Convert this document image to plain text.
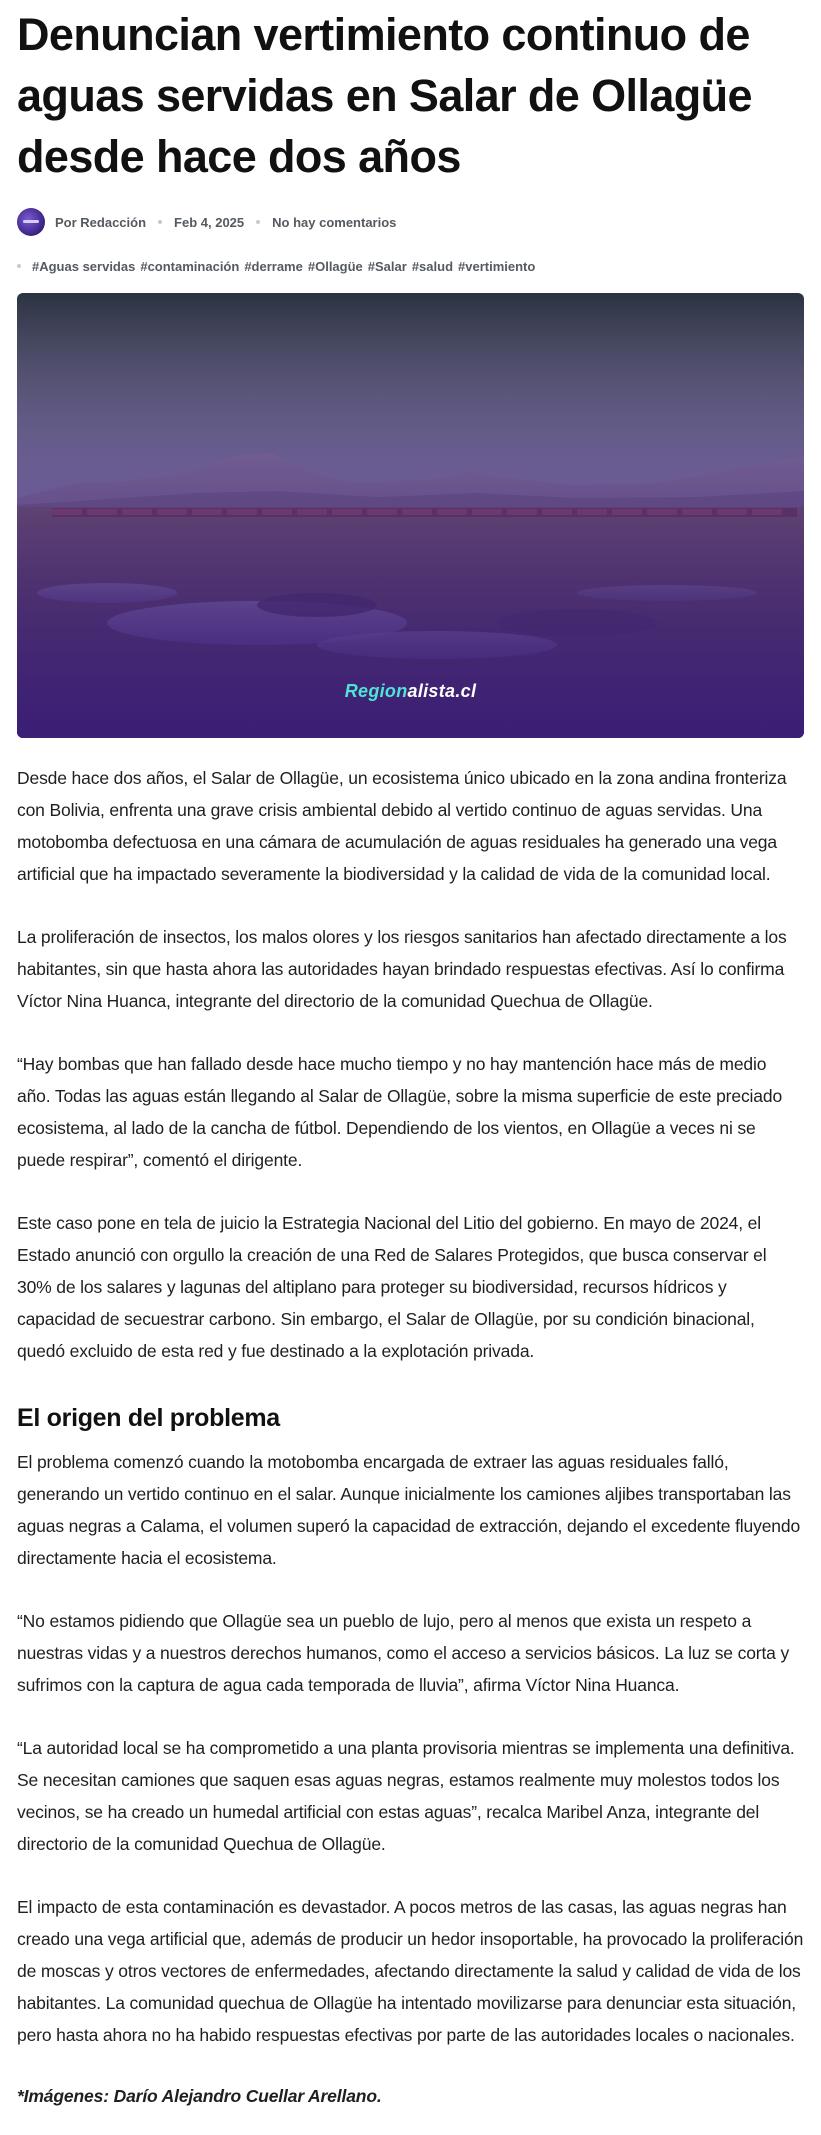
Denuncian vertimiento continuo de aguas servidas en Salar de Ollagüe desde hace dos años
Por Redacción Feb 4, 2025 No hay comentarios
#Aguas servidas #contaminación #derrame #Ollagüe #Salar #salud #vertimiento
Regionalista.cl

Desde hace dos años, el Salar de Ollagüe, un ecosistema único ubicado en la zona andina fronteriza con Bolivia, enfrenta una grave crisis ambiental debido al vertido continuo de aguas servidas. Una motobomba defectuosa en una cámara de acumulación de aguas residuales ha generado una vega artificial que ha impactado severamente la biodiversidad y la calidad de vida de la comunidad local.

La proliferación de insectos, los malos olores y los riesgos sanitarios han afectado directamente a los habitantes, sin que hasta ahora las autoridades hayan brindado respuestas efectivas. Así lo confirma Víctor Nina Huanca, integrante del directorio de la comunidad Quechua de Ollagüe.

“Hay bombas que han fallado desde hace mucho tiempo y no hay mantención hace más de medio año. Todas las aguas están llegando al Salar de Ollagüe, sobre la misma superficie de este preciado ecosistema, al lado de la cancha de fútbol. Dependiendo de los vientos, en Ollagüe a veces ni se puede respirar”, comentó el dirigente.

Este caso pone en tela de juicio la Estrategia Nacional del Litio del gobierno. En mayo de 2024, el Estado anunció con orgullo la creación de una Red de Salares Protegidos, que busca conservar el 30% de los salares y lagunas del altiplano para proteger su biodiversidad, recursos hídricos y capacidad de secuestrar carbono. Sin embargo, el Salar de Ollagüe, por su condición binacional, quedó excluido de esta red y fue destinado a la explotación privada.

El origen del problema

El problema comenzó cuando la motobomba encargada de extraer las aguas residuales falló, generando un vertido continuo en el salar. Aunque inicialmente los camiones aljibes transportaban las aguas negras a Calama, el volumen superó la capacidad de extracción, dejando el excedente fluyendo directamente hacia el ecosistema.

“No estamos pidiendo que Ollagüe sea un pueblo de lujo, pero al menos que exista un respeto a nuestras vidas y a nuestros derechos humanos, como el acceso a servicios básicos. La luz se corta y sufrimos con la captura de agua cada temporada de lluvia”, afirma Víctor Nina Huanca.

“La autoridad local se ha comprometido a una planta provisoria mientras se implementa una definitiva. Se necesitan camiones que saquen esas aguas negras, estamos realmente muy molestos todos los vecinos, se ha creado un humedal artificial con estas aguas”, recalca Maribel Anza, integrante del directorio de la comunidad Quechua de Ollagüe.

El impacto de esta contaminación es devastador. A pocos metros de las casas, las aguas negras han creado una vega artificial que, además de producir un hedor insoportable, ha provocado la proliferación de moscas y otros vectores de enfermedades, afectando directamente la salud y calidad de vida de los habitantes. La comunidad quechua de Ollagüe ha intentado movilizarse para denunciar esta situación, pero hasta ahora no ha habido respuestas efectivas por parte de las autoridades locales o nacionales.

*Imágenes: Darío Alejandro Cuellar Arellano.
